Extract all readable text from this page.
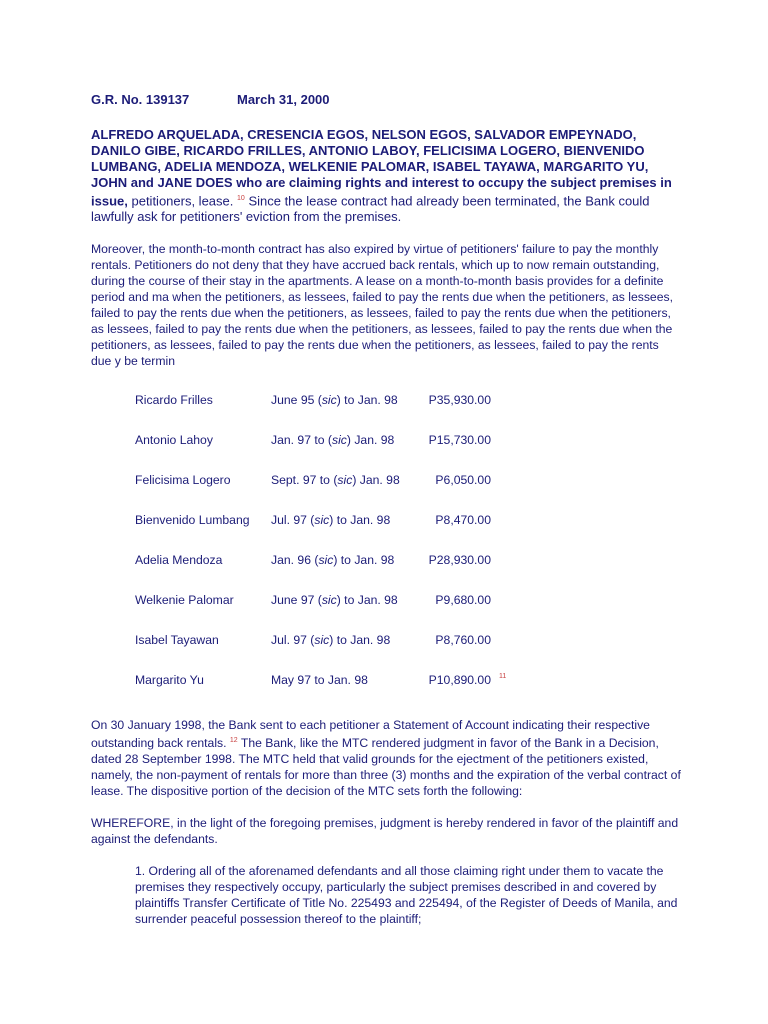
G.R. No. 139137	March 31, 2000
ALFREDO ARQUELADA, CRESENCIA EGOS, NELSON EGOS, SALVADOR EMPEYNADO, DANILO GIBE, RICARDO FRILLES, ANTONIO LABOY, FELICISIMA LOGERO, BIENVENIDO LUMBANG, ADELIA MENDOZA, WELKENIE PALOMAR, ISABEL TAYAWA, MARGARITO YU, JOHN and JANE DOES who are claiming rights and interest to occupy the subject premises in issue, petitioners, lease. $^{10}$ Since the lease contract had already been terminated, the Bank could lawfully ask for petitioners' eviction from the premises.

Moreover, the month-to-month contract has also expired by virtue of petitioners' failure to pay the monthly rentals. Petitioners do not deny that they have accrued back rentals, which up to now remain outstanding, during the course of their stay in the apartments. A lease on a month-to-month basis provides for a definite period and ma when the petitioners, as lessees, failed to pay the rents due when the petitioners, as lessees, failed to pay the rents due when the petitioners, as lessees, failed to pay the rents due when the petitioners, as lessees, failed to pay the rents due when the petitioners, as lessees, failed to pay the rents due when the petitioners, as lessees, failed to pay the rents due when the petitioners, as lessees, failed to pay the rents due y be termin

Ricardo Frilles	June 95 (sic) to Jan. 98	P35,930.00
Antonio Lahoy	Jan. 97 to (sic) Jan. 98	P15,730.00
Felicisima Logero	Sept. 97 to (sic) Jan. 98	P6,050.00
Bienvenido Lumbang	Jul. 97 (sic) to Jan. 98	P8,470.00
Adelia Mendoza	Jan. 96 (sic) to Jan. 98	P28,930.00
Welkenie Palomar	June 97 (sic) to Jan. 98	P9,680.00
Isabel Tayawan	Jul. 97 (sic) to Jan. 98	P8,760.00
Margarito Yu	May 97 to Jan. 98	P10,890.00 11

On 30 January 1998, the Bank sent to each petitioner a Statement of Account indicating their respective outstanding back rentals. $^{12}$ The Bank, like the MTC rendered judgment in favor of the Bank in a Decision, dated 28 September 1998. The MTC held that valid grounds for the ejectment of the petitioners existed, namely, the non-payment of rentals for more than three (3) months and the expiration of the verbal contract of lease. The dispositive portion of the decision of the MTC sets forth the following:

WHEREFORE, in the light of the foregoing premises, judgment is hereby rendered in favor of the plaintiff and against the defendants.

1. Ordering all of the aforenamed defendants and all those claiming right under them to vacate the premises they respectively occupy, particularly the subject premises described in and covered by plaintiffs Transfer Certificate of Title No. 225493 and 225494, of the Register of Deeds of Manila, and surrender peaceful possession thereof to the plaintiff;
